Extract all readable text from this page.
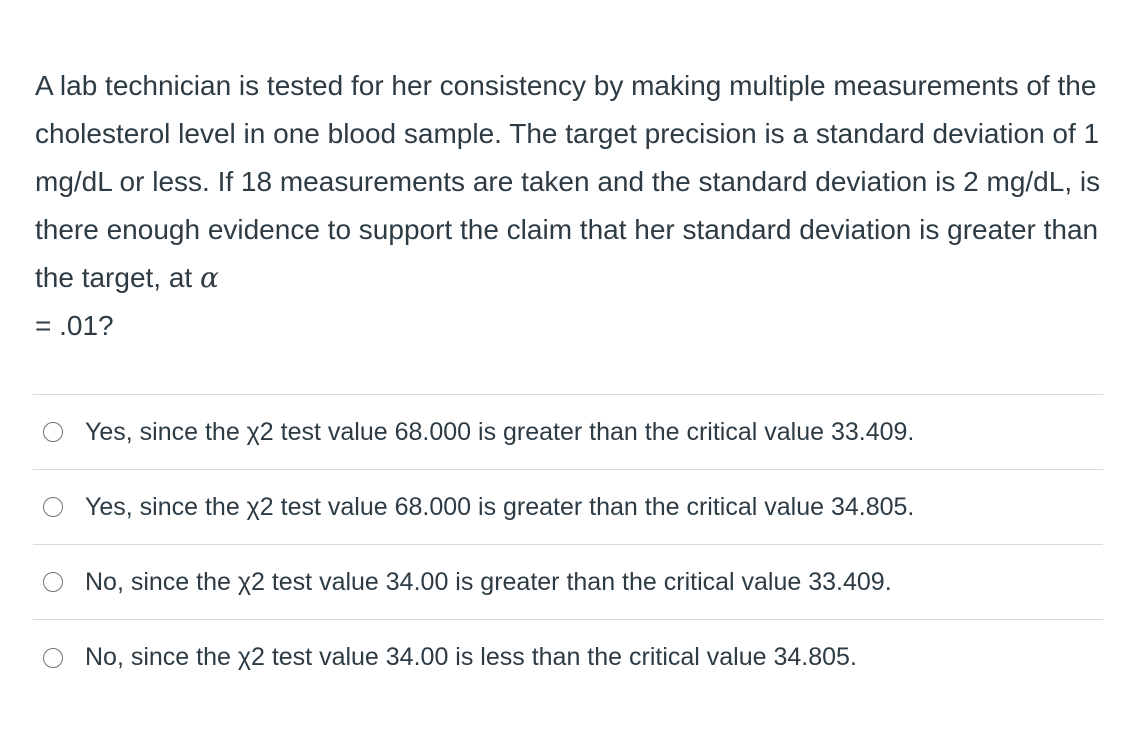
A lab technician is tested for her consistency by making multiple measurements of the cholesterol level in one blood sample. The target precision is a standard deviation of 1 mg/dL or less. If 18 measurements are taken and the standard deviation is 2 mg/dL, is there enough evidence to support the claim that her standard deviation is greater than the target, at α
= .01?
Yes, since the χ2 test value 68.000 is greater than the critical value 33.409.
Yes, since the χ2 test value 68.000 is greater than the critical value 34.805.
No, since the χ2 test value 34.00 is greater than the critical value 33.409.
No, since the χ2 test value 34.00 is less than the critical value 34.805.
